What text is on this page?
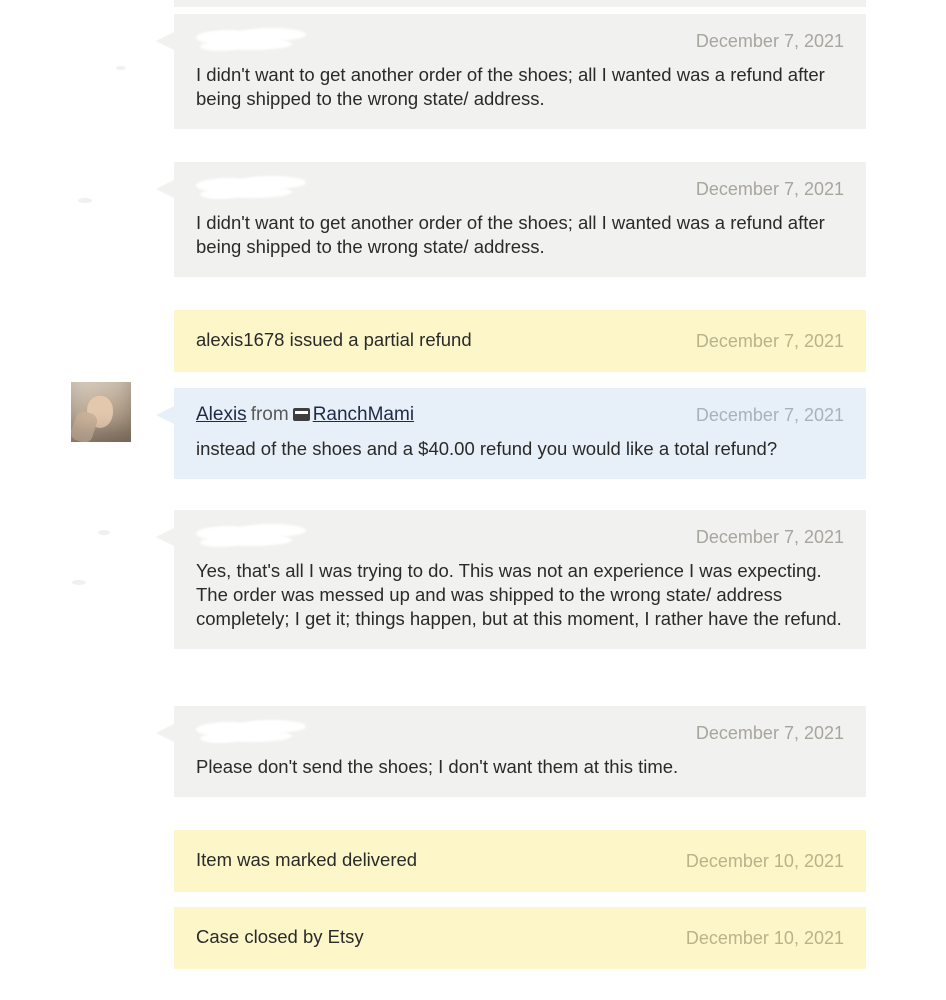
December 7, 2021
I didn't want to get another order of the shoes; all I wanted was a refund after being shipped to the wrong state/ address.
December 7, 2021
I didn't want to get another order of the shoes; all I wanted was a refund after being shipped to the wrong state/ address.
alexis1678 issued a partial refund	December 7, 2021
Alexis from RanchMami	December 7, 2021
instead of the shoes and a $40.00 refund you would like a total refund?
December 7, 2021
Yes, that's all I was trying to do. This was not an experience I was expecting. The order was messed up and was shipped to the wrong state/ address completely; I get it; things happen, but at this moment, I rather have the refund.
December 7, 2021
Please don't send the shoes; I don't want them at this time.
Item was marked delivered	December 10, 2021
Case closed by Etsy	December 10, 2021
